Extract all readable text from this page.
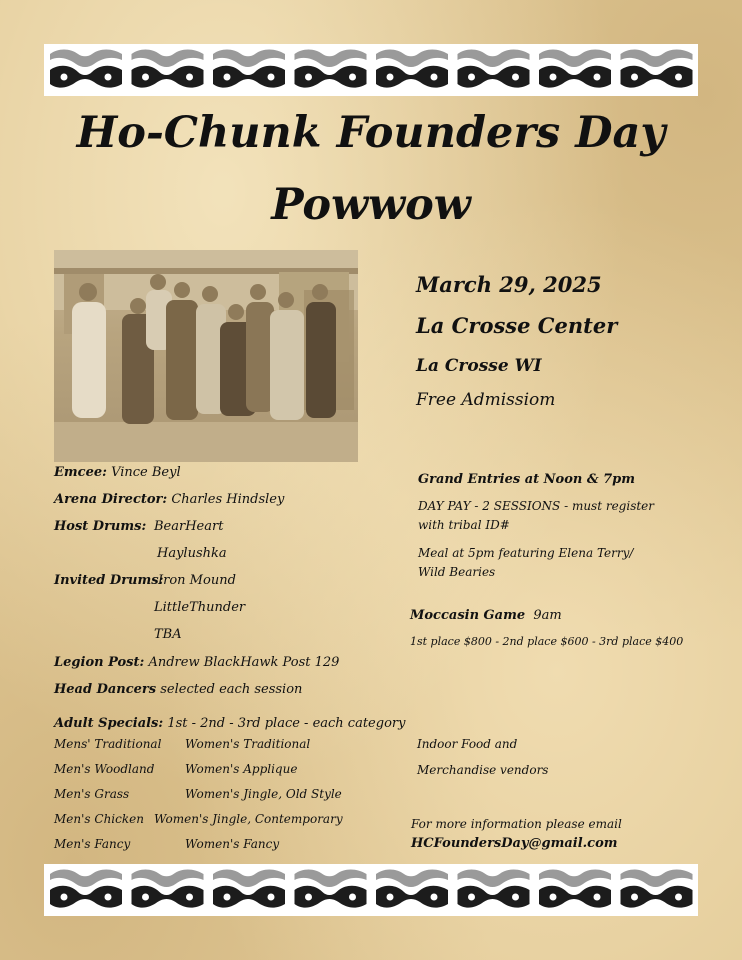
Ho-Chunk Founders Day
Powwow
March 29, 2025
La Crosse Center
La Crosse WI
Free Admissiom
Emcee: Vince Beyl
Arena Director: Charles Hindsley
Host Drums: BearHeart
Haylushka
Invited Drums:
Iron Mound
LittleThunder
TBA
Legion Post: Andrew BlackHawk Post 129
Head Dancers selected each session
Adult Specials: 1st - 2nd - 3rd place - each category
Mens' Traditional Women's Traditional
Men's Woodland	Women's Applique
Men's Grass	Women's Jingle, Old Style
Men's Chicken Women's Jingle, Contemporary
Men's Fancy	Women's Fancy
Grand Entries at Noon & 7pm
DAY PAY - 2 SESSIONS - must register
with tribal ID#
Meal at 5pm featuring Elena Terry/
Wild Bearies
Moccasin Game 9am
1st place $800 - 2nd place $600 - 3rd place $400
Indoor Food and
Merchandise vendors
For more information please email
HCFoundersDay@gmail.com
